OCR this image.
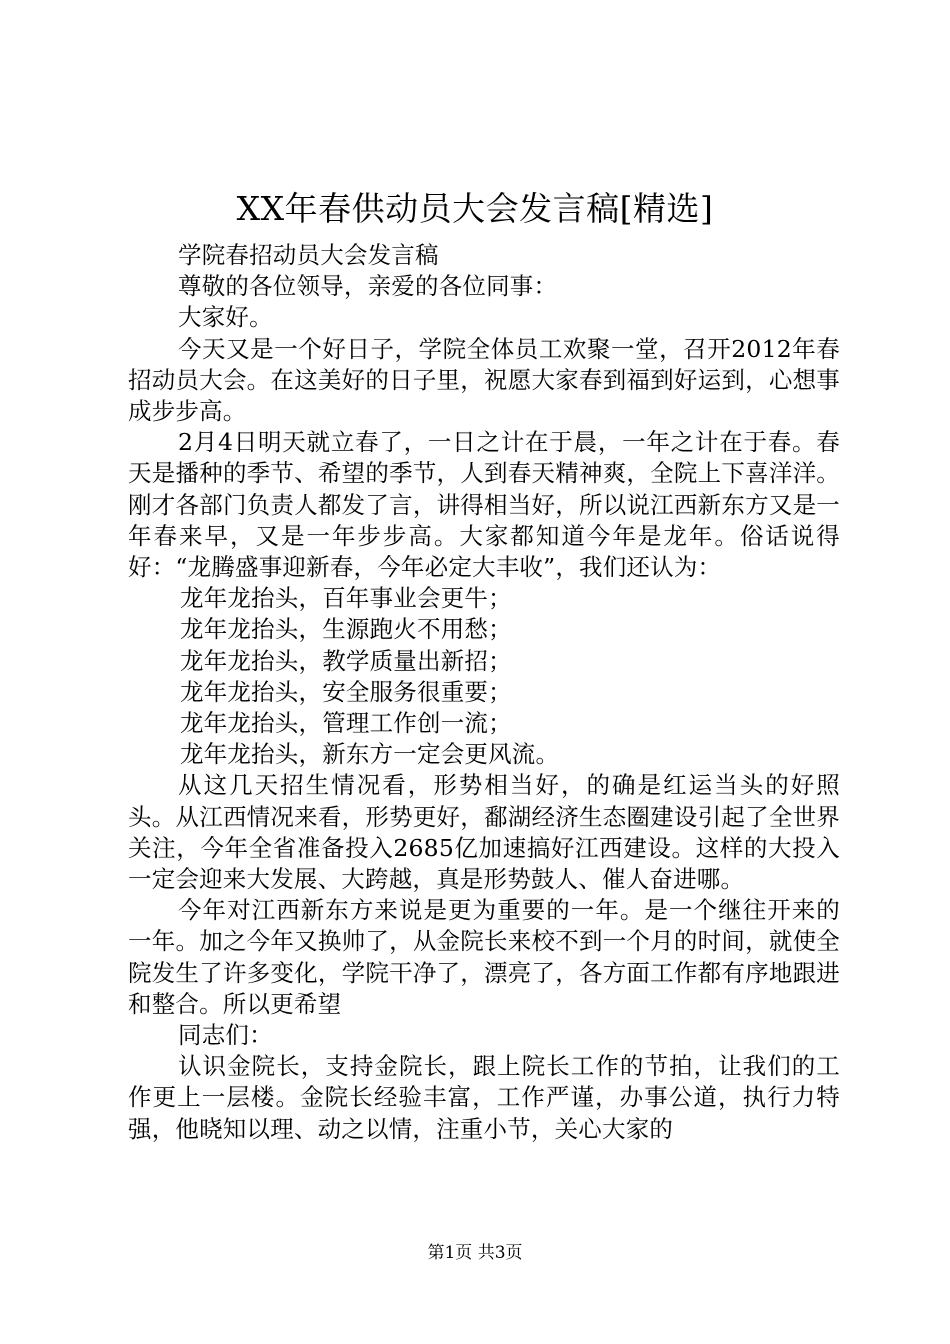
XX年春供动员大会发言稿[精选]

学院春招动员大会发言稿

尊敬的各位领导，亲爱的各位同事：

大家好。

今天又是一个好日子，学院全体员工欢聚一堂，召开2012年春招动员大会。在这美好的日子里，祝愿大家春到福到好运到，心想事成步步高。

2月4日明天就立春了，一日之计在于晨，一年之计在于春。春天是播种的季节、希望的季节，人到春天精神爽，全院上下喜洋洋。刚才各部门负责人都发了言，讲得相当好，所以说江西新东方又是一年春来早，又是一年步步高。大家都知道今年是龙年。俗话说得好：“龙腾盛事迎新春，今年必定大丰收”，我们还认为：

龙年龙抬头，百年事业会更牛；

龙年龙抬头，生源跑火不用愁；

龙年龙抬头，教学质量出新招；

龙年龙抬头，安全服务很重要；

龙年龙抬头，管理工作创一流；

龙年龙抬头，新东方一定会更风流。

从这几天招生情况看，形势相当好，的确是红运当头的好照头。从江西情况来看，形势更好，鄱湖经济生态圈建设引起了全世界关注，今年全省准备投入2685亿加速搞好江西建设。这样的大投入一定会迎来大发展、大跨越，真是形势鼓人、催人奋进哪。

今年对江西新东方来说是更为重要的一年。是一个继往开来的一年。加之今年又换帅了，从金院长来校不到一个月的时间，就使全院发生了许多变化，学院干净了，漂亮了，各方面工作都有序地跟进和整合。所以更希望

同志们：

认识金院长，支持金院长，跟上院长工作的节拍，让我们的工作更上一层楼。金院长经验丰富，工作严谨，办事公道，执行力特强，他晓知以理、动之以情，注重小节，关心大家的

第1页 共3页
